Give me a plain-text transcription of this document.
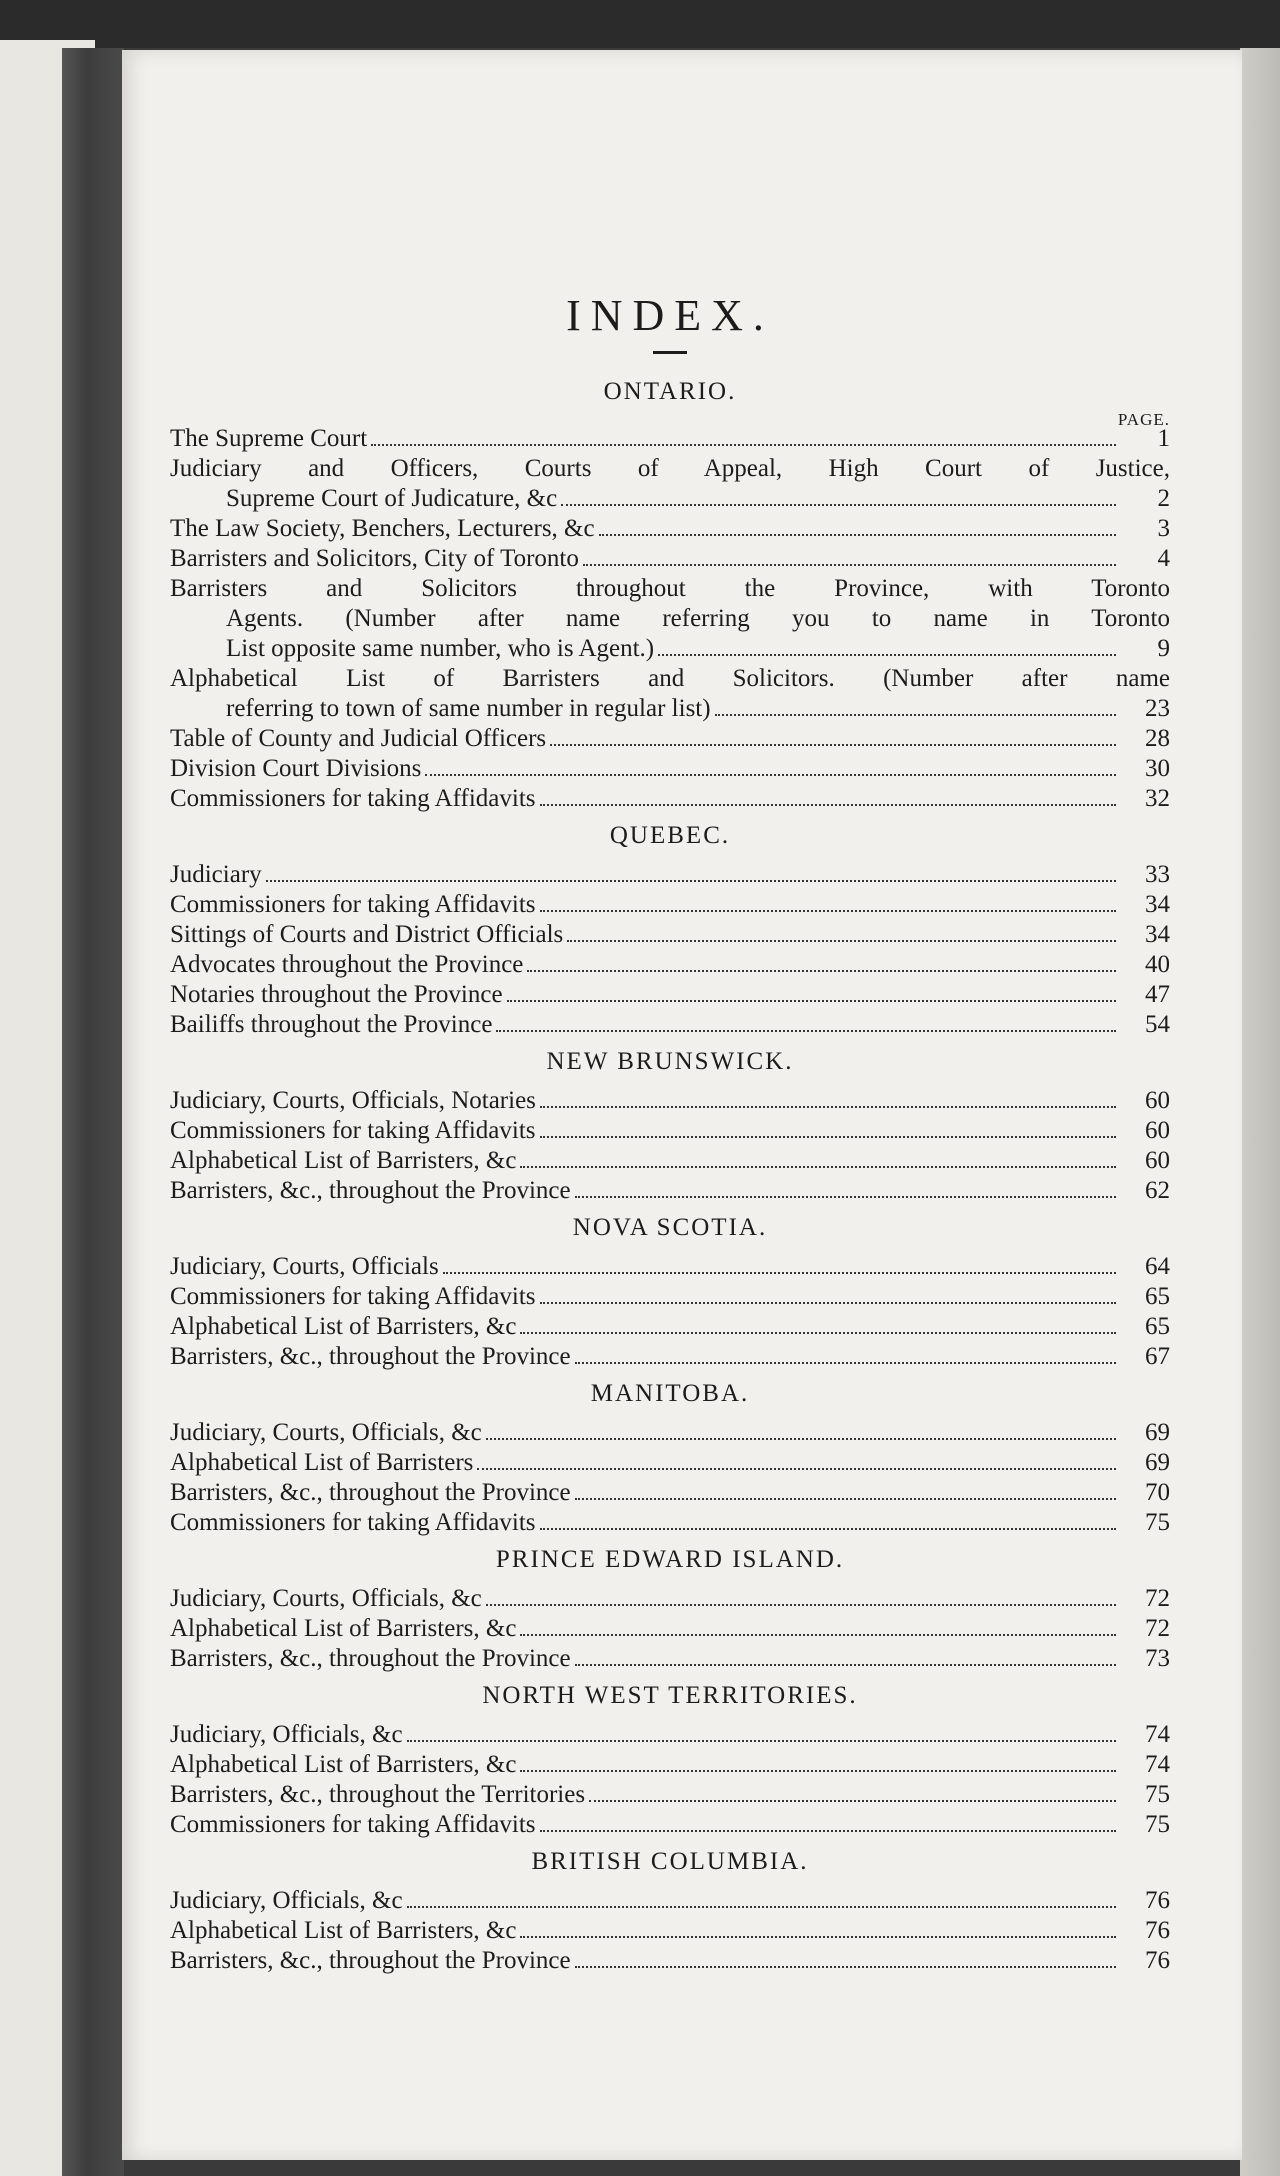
INDEX.
ONTARIO.
PAGE.
The Supreme Court	1
Judiciary and Officers, Courts of Appeal, High Court of Justice,
Supreme Court of Judicature, &c	2
The Law Society, Benchers, Lecturers, &c	3
Barristers and Solicitors, City of Toronto	4
Barristers and Solicitors throughout the Province, with Toronto
Agents. (Number after name referring you to name in Toronto
List opposite same number, who is Agent.)	9
Alphabetical List of Barristers and Solicitors. (Number after name
referring to town of same number in regular list)	23
Table of County and Judicial Officers	28
Division Court Divisions	30
Commissioners for taking Affidavits	32
QUEBEC.
Judiciary	33
Commissioners for taking Affidavits	34
Sittings of Courts and District Officials	34
Advocates throughout the Province	40
Notaries throughout the Province	47
Bailiffs throughout the Province	54
NEW BRUNSWICK.
Judiciary, Courts, Officials, Notaries	60
Commissioners for taking Affidavits	60
Alphabetical List of Barristers, &c	60
Barristers, &c., throughout the Province	62
NOVA SCOTIA.
Judiciary, Courts, Officials	64
Commissioners for taking Affidavits	65
Alphabetical List of Barristers, &c	65
Barristers, &c., throughout the Province	67
MANITOBA.
Judiciary, Courts, Officials, &c	69
Alphabetical List of Barristers	69
Barristers, &c., throughout the Province	70
Commissioners for taking Affidavits	75
PRINCE EDWARD ISLAND.
Judiciary, Courts, Officials, &c	72
Alphabetical List of Barristers, &c	72
Barristers, &c., throughout the Province	73
NORTH WEST TERRITORIES.
Judiciary, Officials, &c	74
Alphabetical List of Barristers, &c	74
Barristers, &c., throughout the Territories	75
Commissioners for taking Affidavits	75
BRITISH COLUMBIA.
Judiciary, Officials, &c	76
Alphabetical List of Barristers, &c	76
Barristers, &c., throughout the Province	76
